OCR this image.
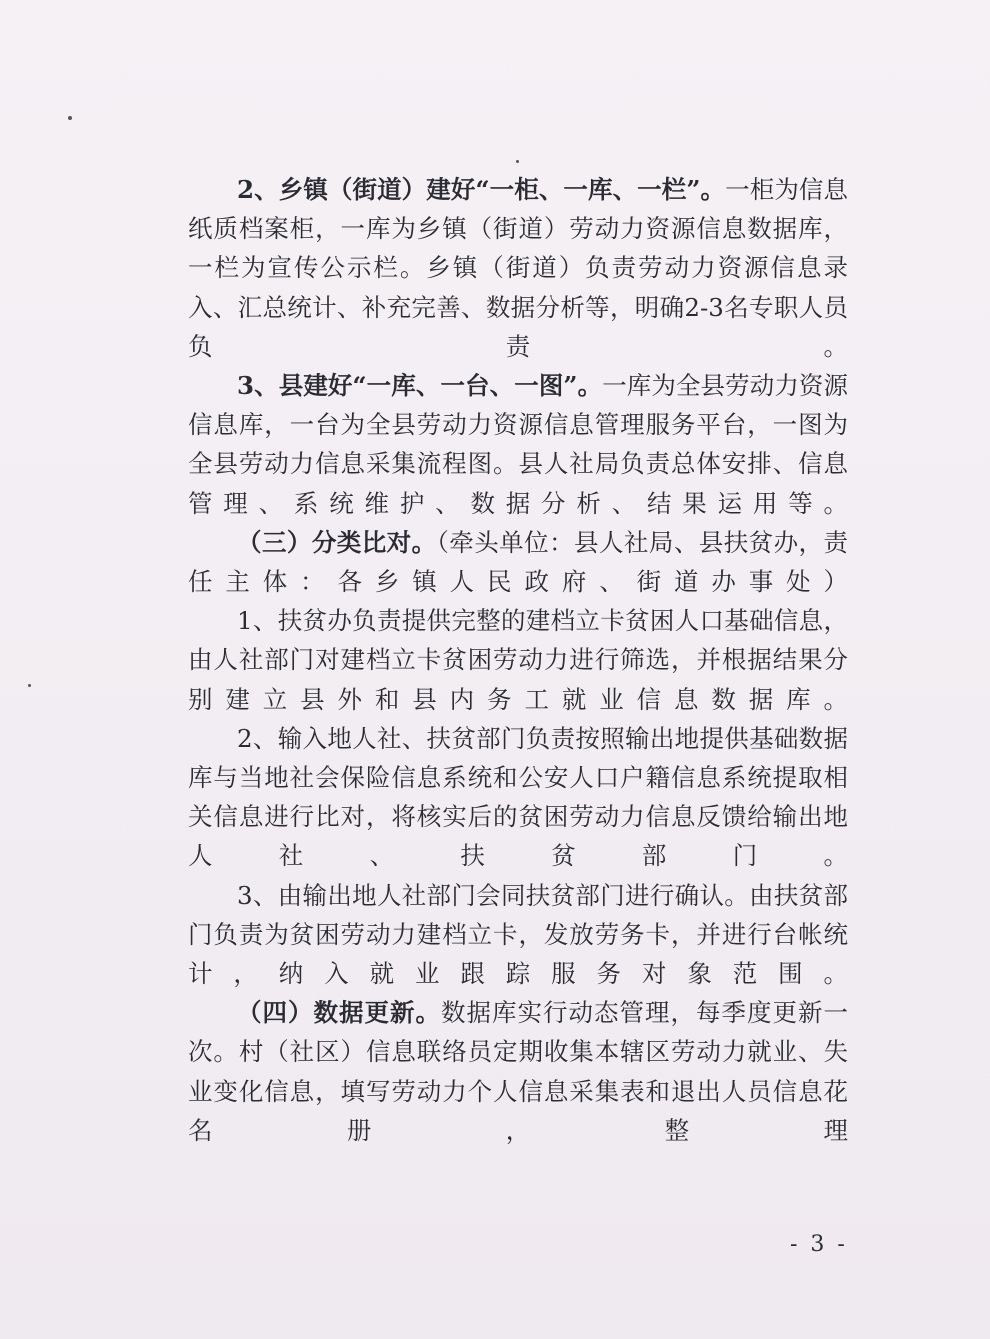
2、乡镇（街道）建好“一柜、一库、一栏”。一柜为信息纸质档案柜，一库为乡镇（街道）劳动力资源信息数据库，一栏为宣传公示栏。乡镇（街道）负责劳动力资源信息录入、汇总统计、补充完善、数据分析等，明确2-3名专职人员负责。

3、县建好“一库、一台、一图”。一库为全县劳动力资源信息库，一台为全县劳动力资源信息管理服务平台，一图为全县劳动力信息采集流程图。县人社局负责总体安排、信息管理、系统维护、数据分析、结果运用等。

（三）分类比对。（牵头单位：县人社局、县扶贫办，责任主体：各乡镇人民政府、街道办事处）

1、扶贫办负责提供完整的建档立卡贫困人口基础信息，由人社部门对建档立卡贫困劳动力进行筛选，并根据结果分别建立县外和县内务工就业信息数据库。

2、输入地人社、扶贫部门负责按照输出地提供基础数据库与当地社会保险信息系统和公安人口户籍信息系统提取相关信息进行比对，将核实后的贫困劳动力信息反馈给输出地人社、扶贫部门。

3、由输出地人社部门会同扶贫部门进行确认。由扶贫部门负责为贫困劳动力建档立卡，发放劳务卡，并进行台帐统计，纳入就业跟踪服务对象范围。

（四）数据更新。数据库实行动态管理，每季度更新一次。村（社区）信息联络员定期收集本辖区劳动力就业、失业变化信息，填写劳动力个人信息采集表和退出人员信息花名册，整理

- 3 -
